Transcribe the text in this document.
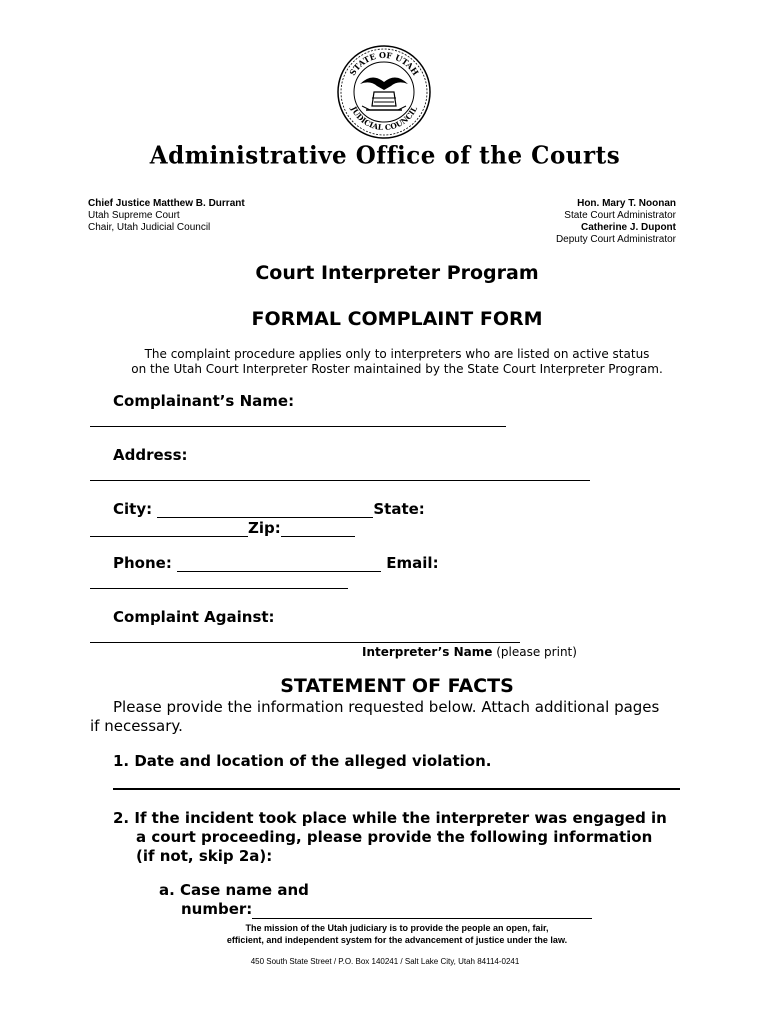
STATE OF UTAH
JUDICIAL COUNCIL
Administrative Office of the Courts
Chief Justice Matthew B. Durrant
Utah Supreme Court
Chair, Utah Judicial Council
Hon. Mary T. Noonan
State Court Administrator
Catherine J. Dupont
Deputy Court Administrator
Court Interpreter Program
FORMAL COMPLAINT FORM
The complaint procedure applies only to interpreters who are listed on active status
on the Utah Court Interpreter Roster maintained by the State Court Interpreter Program.
Complainant’s Name:
Address:
City:	State:
Zip:
Phone:	Email:
Complaint Against:
Interpreter’s Name (please print)
STATEMENT OF FACTS
Please provide the information requested below. Attach additional pages
if necessary.
1. Date and location of the alleged violation.
2. If the incident took place while the interpreter was engaged in
a court proceeding, please provide the following information
(if not, skip 2a):
a. Case name and
number:
The mission of the Utah judiciary is to provide the people an open, fair,
efficient, and independent system for the advancement of justice under the law.
450 South State Street / P.O. Box 140241 / Salt Lake City, Utah 84114-0241
